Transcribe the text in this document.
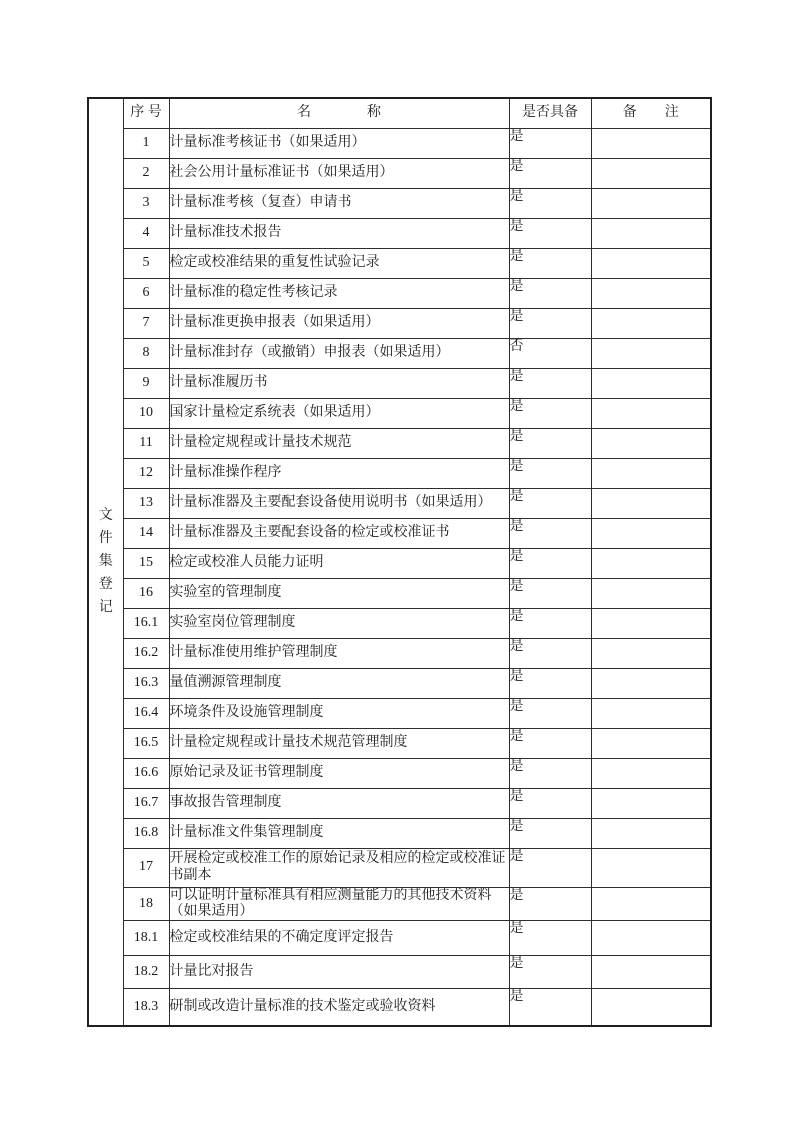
文
件
集
登
记	序 号	名　　　　称	是否具备	备　　注
	1	计量标准考核证书（如果适用）	是	
	2	社会公用计量标准证书（如果适用）	是	
	3	计量标准考核（复查）申请书	是	
	4	计量标准技术报告	是	
	5	检定或校准结果的重复性试验记录	是	
	6	计量标准的稳定性考核记录	是	
	7	计量标准更换申报表（如果适用）	是	
	8	计量标准封存（或撤销）申报表（如果适用）	否	
	9	计量标准履历书	是	
	10	国家计量检定系统表（如果适用）	是	
	11	计量检定规程或计量技术规范	是	
	12	计量标准操作程序	是	
	13	计量标准器及主要配套设备使用说明书（如果适用）	是	
	14	计量标准器及主要配套设备的检定或校准证书	是	
	15	检定或校准人员能力证明	是	
	16	实验室的管理制度	是	
	16.1	实验室岗位管理制度	是	
	16.2	计量标准使用维护管理制度	是	
	16.3	量值溯源管理制度	是	
	16.4	环境条件及设施管理制度	是	
	16.5	计量检定规程或计量技术规范管理制度	是	
	16.6	原始记录及证书管理制度	是	
	16.7	事故报告管理制度	是	
	16.8	计量标准文件集管理制度	是	
	17	开展检定或校准工作的原始记录及相应的检定或校准证书副本	是	
	18	可以证明计量标准具有相应测量能力的其他技术资料（如果适用）	是	
	18.1	检定或校准结果的不确定度评定报告	是	
	18.2	计量比对报告	是	
	18.3	研制或改造计量标准的技术鉴定或验收资料	是	
